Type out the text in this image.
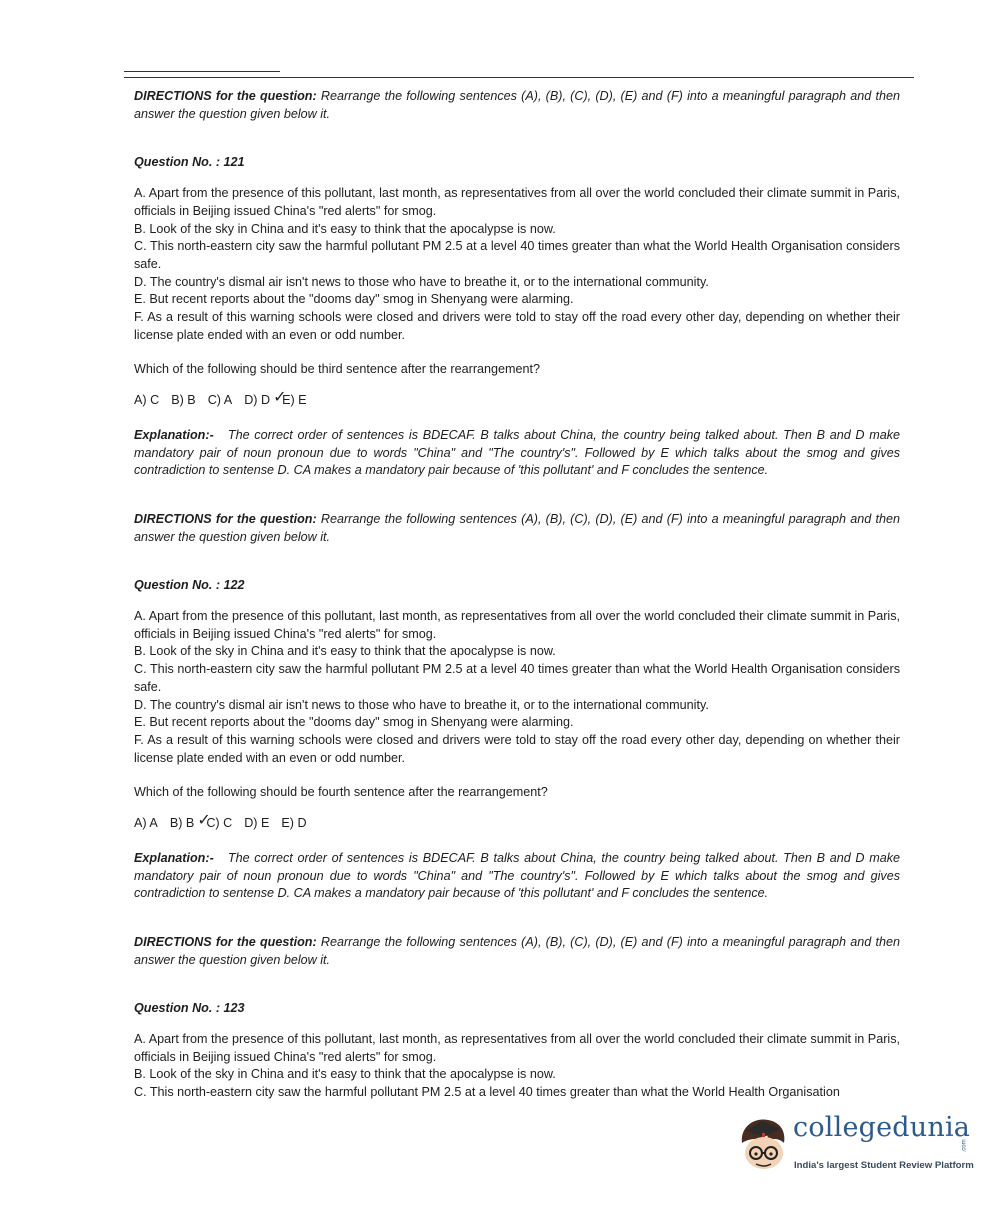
DIRECTIONS for the question: Rearrange the following sentences (A), (B), (C), (D), (E) and (F) into a meaningful paragraph and then answer the question given below it.

Question No. : 121

A. Apart from the presence of this pollutant, last month, as representatives from all over the world concluded their climate summit in Paris, officials in Beijing issued China's "red alerts" for smog.
B. Look of the sky in China and it's easy to think that the apocalypse is now.
C. This north-eastern city saw the harmful pollutant PM 2.5 at a level 40 times greater than what the World Health Organisation considers safe.
D. The country's dismal air isn't news to those who have to breathe it, or to the international community.
E. But recent reports about the "dooms day" smog in Shenyang were alarming.
F. As a result of this warning schools were closed and drivers were told to stay off the road every other day, depending on whether their license plate ended with an even or odd number.

Which of the following should be third sentence after the rearrangement?

A) C B) B C) A D) D ✓
E) E

Explanation:- The correct order of sentences is BDECAF. B talks about China, the country being talked about. Then B and D make mandatory pair of noun pronoun due to words "China" and "The country's". Followed by E which talks about the smog and gives contradiction to sentense D. CA makes a mandatory pair because of 'this pollutant' and F concludes the sentence.

DIRECTIONS for the question: Rearrange the following sentences (A), (B), (C), (D), (E) and (F) into a meaningful paragraph and then answer the question given below it.

Question No. : 122

A. Apart from the presence of this pollutant, last month, as representatives from all over the world concluded their climate summit in Paris, officials in Beijing issued China's "red alerts" for smog.
B. Look of the sky in China and it's easy to think that the apocalypse is now.
C. This north-eastern city saw the harmful pollutant PM 2.5 at a level 40 times greater than what the World Health Organisation considers safe.
D. The country's dismal air isn't news to those who have to breathe it, or to the international community.
E. But recent reports about the "dooms day" smog in Shenyang were alarming.
F. As a result of this warning schools were closed and drivers were told to stay off the road every other day, depending on whether their license plate ended with an even or odd number.

Which of the following should be fourth sentence after the rearrangement?

A) A B) B ✓
C) C D) E E) D

Explanation:- The correct order of sentences is BDECAF. B talks about China, the country being talked about. Then B and D make mandatory pair of noun pronoun due to words "China" and "The country's". Followed by E which talks about the smog and gives contradiction to sentense D. CA makes a mandatory pair because of 'this pollutant' and F concludes the sentence.

DIRECTIONS for the question: Rearrange the following sentences (A), (B), (C), (D), (E) and (F) into a meaningful paragraph and then answer the question given below it.

Question No. : 123

A. Apart from the presence of this pollutant, last month, as representatives from all over the world concluded their climate summit in Paris, officials in Beijing issued China's "red alerts" for smog.
B. Look of the sky in China and it's easy to think that the apocalypse is now.
C. This north-eastern city saw the harmful pollutant PM 2.5 at a level 40 times greater than what the World Health Organisation
collegedunia
.com
India's largest Student Review Platform
